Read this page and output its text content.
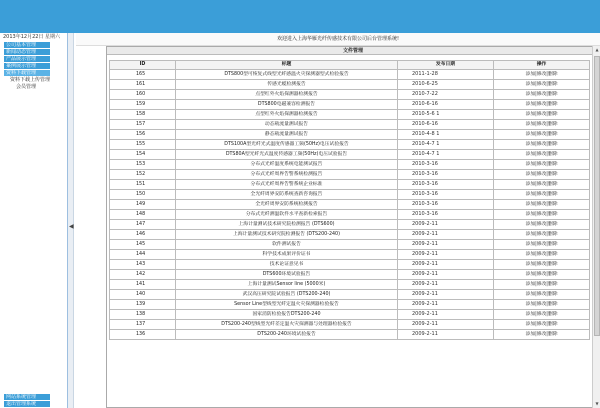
2013年12月22日 星期六
公司基本管理
新闻动态管理
产品展示管理
案例展示管理
资料下载管理
资料下载上传管理
会员管理
网站系统管理
退出管理系统
◀
欢迎进入上海华雁光纤传感技术有限公司后台管理系统!
文件管理
ID	标题	发布日期	操作
165	DTS800型可恢复式线型光纤感温火灾探测器型式检验报告	2011-1-28	添加|修改|删除
161	传感光缆检测报告	2010-6-25	添加|修改|删除
160	点型红外火焰探测器检测报告	2010-7-22	添加|修改|删除
159	DTS800电磁兼容检测报告	2010-6-16	添加|修改|删除
158	点型红外火焰探测器检测报告	2010-5-6 1	添加|修改|删除
157	动态载流量测试报告	2010-6-16	添加|修改|删除
156	静态载流量测试报告	2010-4-8 1	添加|修改|删除
155	DTS100A型光纤光式温度传感器工频(50Hz)电压试验报告	2010-4-7 1	添加|修改|删除
154	DTS80A型光纤光式温度传感器工频(50Hz)电压试验报告	2010-4-7 1	添加|修改|删除
153	分布式光纤温度系统电能测试报告	2010-3-16	添加|修改|删除
152	分布式光纤周界告警系统检测报告	2010-3-16	添加|修改|删除
151	分布式光纤周界告警系统企业标准	2010-3-16	添加|修改|删除
150	全光纤周界安防系统查新咨询报告	2010-3-16	添加|修改|删除
149	全光纤周界安防系统检测报告	2010-3-16	添加|修改|删除
148	分布式光纤测温软件水平查新检索报告	2010-3-16	添加|修改|删除
147	上海计量测试技术研究院检测报告 (DTS600)	2009-2-11	添加|修改|删除
146	上海计量测试技术研究院检测报告 (DTS200-240)	2009-2-11	添加|修改|删除
145	软件测试报告	2009-2-11	添加|修改|删除
144	科学技术成果评价证书	2009-2-11	添加|修改|删除
143	技术论证意见书	2009-2-11	添加|修改|删除
142	DTS600环境试验报告	2009-2-11	添加|修改|删除
141	上海计量测试Sensor line (5000米)	2009-2-11	添加|修改|删除
140	武汉高压研究院试验报告 (DTS200-240)	2009-2-11	添加|修改|删除
139	Sensor Line型线型光纤定温火灾探测器检验报告	2009-2-11	添加|修改|删除
138	国家消防检验报告DTS200-240	2009-2-11	添加|修改|删除
137	DTS200-240型线型光纤差定温火灾探测器与处理器检验报告	2009-2-11	添加|修改|删除
136	DTS200-240环境试验报告	2009-2-11	添加|修改|删除
▲
▼
